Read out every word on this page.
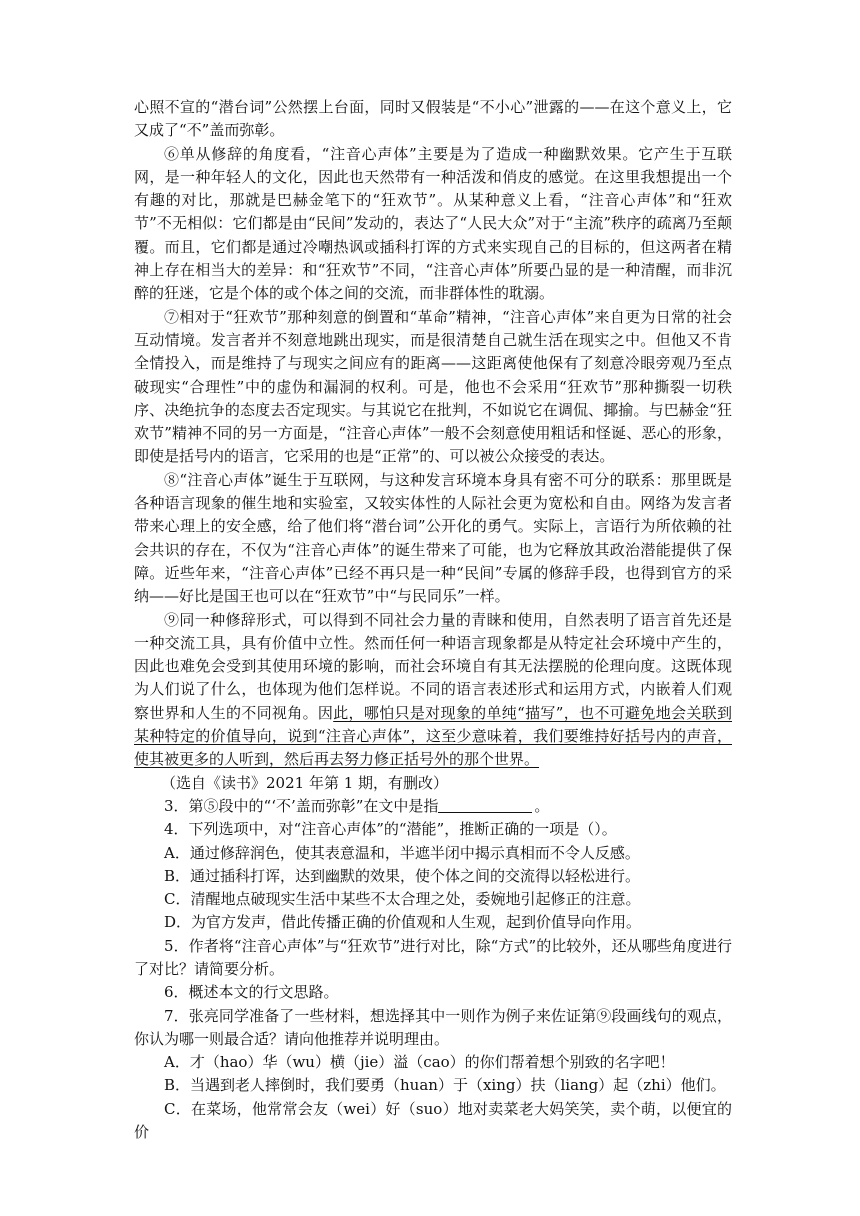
心照不宣的“潜台词”公然摆上台面，同时又假装是“不小心”泄露的——在这个意义上，它又成了“不”盖而弥彰。

⑥单从修辞的角度看，“注音心声体”主要是为了造成一种幽默效果。它产生于互联网，是一种年轻人的文化，因此也天然带有一种活泼和俏皮的感觉。在这里我想提出一个有趣的对比，那就是巴赫金笔下的“狂欢节”。从某种意义上看，“注音心声体”和“狂欢节”不无相似：它们都是由“民间”发动的，表达了“人民大众”对于“主流”秩序的疏离乃至颠覆。而且，它们都是通过冷嘲热讽或插科打诨的方式来实现自己的目标的，但这两者在精神上存在相当大的差异：和“狂欢节”不同，“注音心声体”所要凸显的是一种清醒，而非沉醉的狂迷，它是个体的或个体之间的交流，而非群体性的耽溺。

⑦相对于“狂欢节”那种刻意的倒置和“革命”精神，“注音心声体”来自更为日常的社会互动情境。发言者并不刻意地跳出现实，而是很清楚自己就生活在现实之中。但他又不肯全情投入，而是维持了与现实之间应有的距离——这距离使他保有了刻意冷眼旁观乃至点破现实“合理性”中的虚伪和漏洞的权利。可是，他也不会采用“狂欢节”那种撕裂一切秩序、决绝抗争的态度去否定现实。与其说它在批判，不如说它在调侃、揶揄。与巴赫金“狂欢节”精神不同的另一方面是，“注音心声体”一般不会刻意使用粗话和怪诞、恶心的形象，即使是括号内的语言，它采用的也是“正常”的、可以被公众接受的表达。

⑧“注音心声体”诞生于互联网，与这种发言环境本身具有密不可分的联系：那里既是各种语言现象的催生地和实验室，又较实体性的人际社会更为宽松和自由。网络为发言者带来心理上的安全感，给了他们将“潜台词”公开化的勇气。实际上，言语行为所依赖的社会共识的存在，不仅为“注音心声体”的诞生带来了可能，也为它释放其政治潜能提供了保障。近些年来，“注音心声体”已经不再只是一种“民间”专属的修辞手段，也得到官方的采纳——好比是国王也可以在“狂欢节”中“与民同乐”一样。

⑨同一种修辞形式，可以得到不同社会力量的青睐和使用，自然表明了语言首先还是一种交流工具，具有价值中立性。然而任何一种语言现象都是从特定社会环境中产生的，因此也难免会受到其使用环境的影响，而社会环境自有其无法摆脱的伦理向度。这既体现为人们说了什么，也体现为他们怎样说。不同的语言表述形式和运用方式，内嵌着人们观察世界和人生的不同视角。因此，哪怕只是对现象的单纯“描写”，也不可避免地会关联到某种特定的价值导向，说到“注音心声体”，这至少意味着，我们要维持好括号内的声音，使其被更多的人听到，然后再去努力修正括号外的那个世界。

（选自《读书》2021 年第 1 期，有删改）

3．第⑤段中的“‘不’盖而弥彰”在文中是指	。

4．下列选项中，对“注音心声体”的“潜能”，推断正确的一项是（）。

A．通过修辞润色，使其表意温和，半遮半闭中揭示真相而不令人反感。

B．通过插科打诨，达到幽默的效果，使个体之间的交流得以轻松进行。

C．清醒地点破现实生活中某些不太合理之处，委婉地引起修正的注意。

D．为官方发声，借此传播正确的价值观和人生观，起到价值导向作用。

5．作者将“注音心声体”与“狂欢节”进行对比，除“方式”的比较外，还从哪些角度进行了对比？请简要分析。

6．概述本文的行文思路。

7．张亮同学准备了一些材料，想选择其中一则作为例子来佐证第⑨段画线句的观点，你认为哪一则最合适？请向他推荐并说明理由。

A．才（hao）华（wu）横（jie）溢（cao）的你们帮着想个别致的名字吧！

B．当遇到老人摔倒时，我们要勇（huan）于（xing）扶（liang）起（zhi）他们。

C．在菜场，他常常会友（wei）好（suo）地对卖菜老大妈笑笑，卖个萌，以便宜的价
